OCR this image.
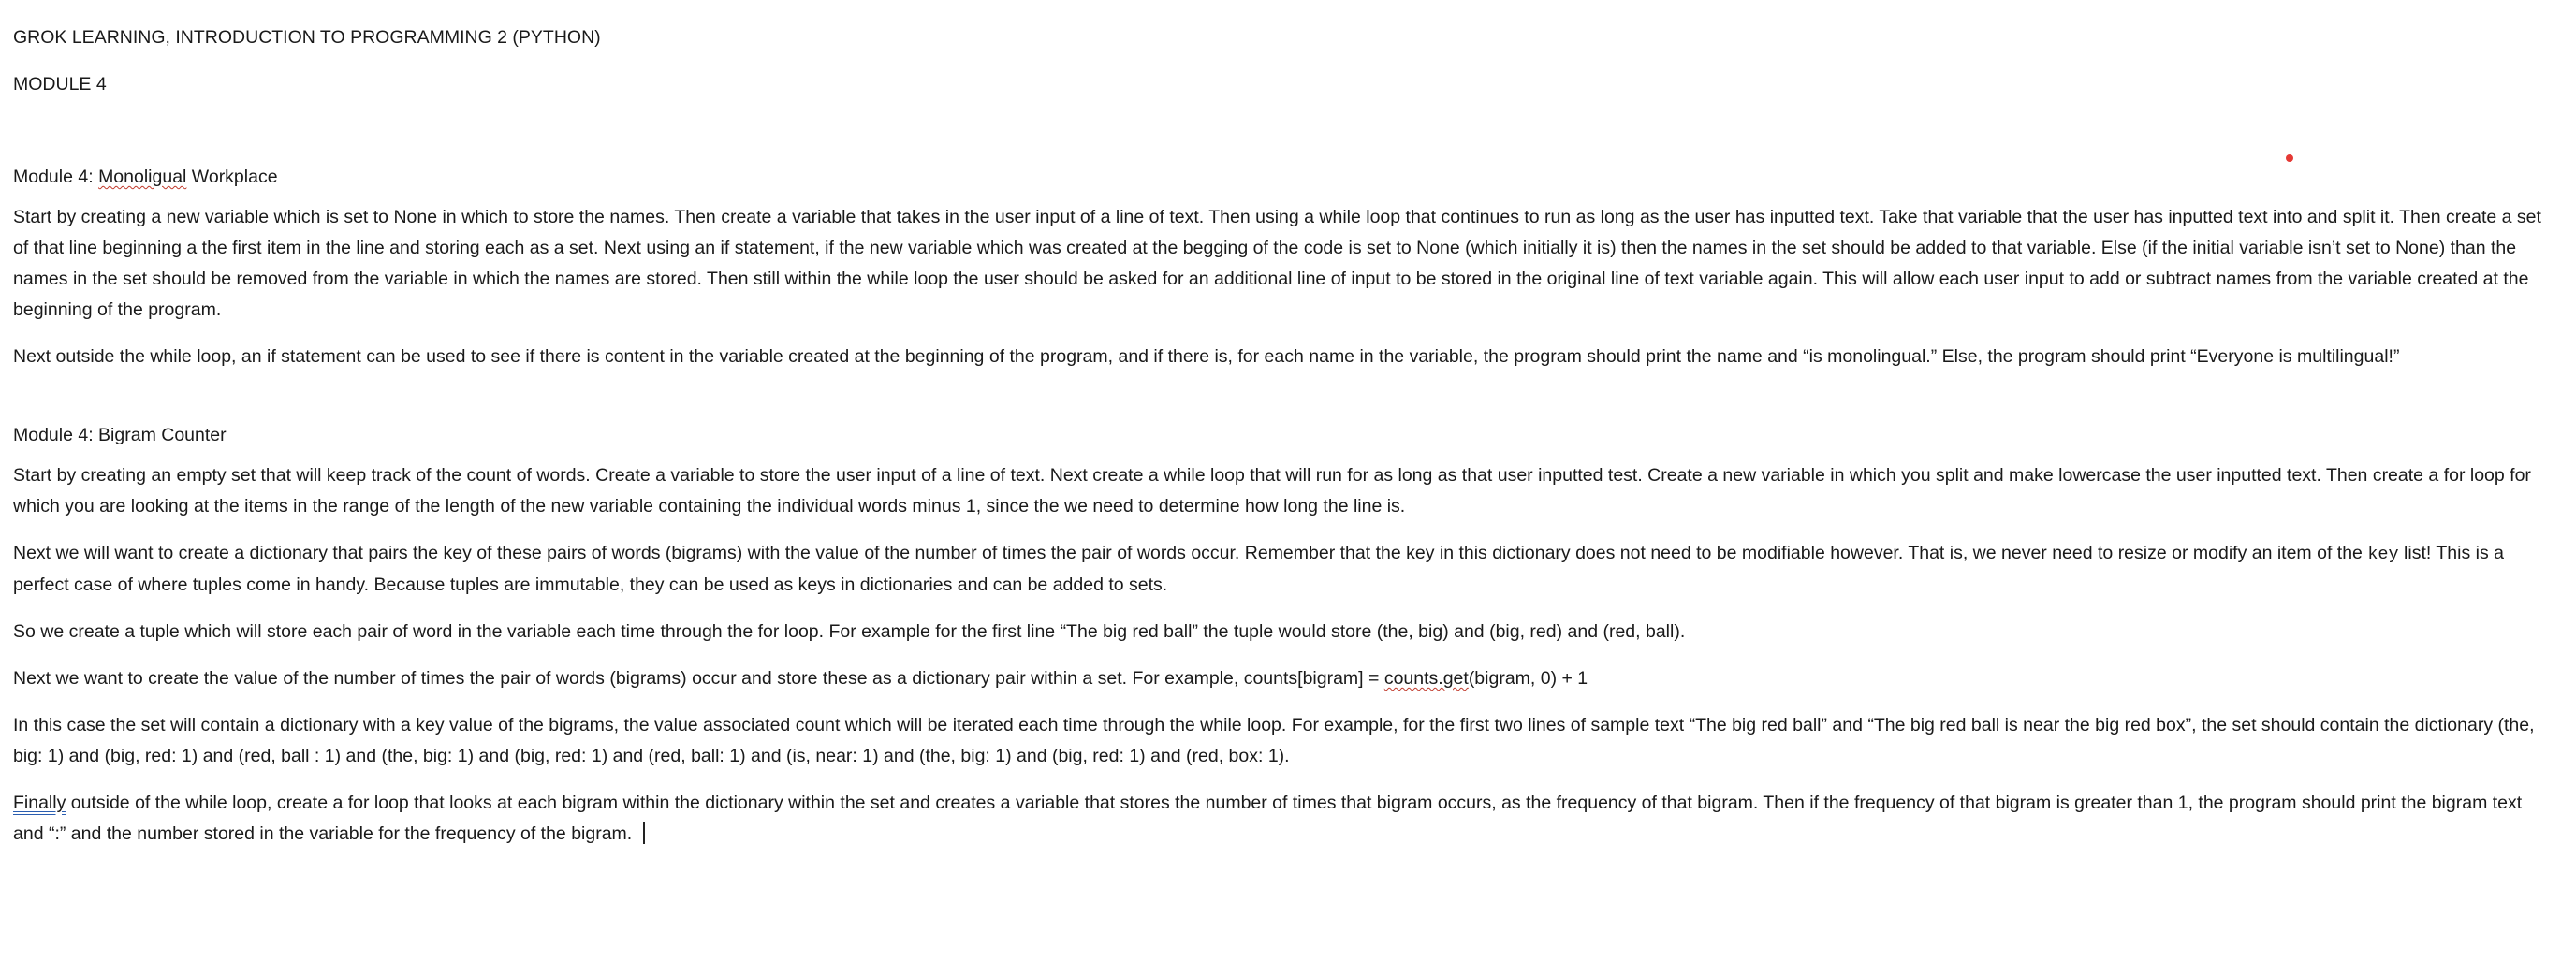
GROK LEARNING, INTRODUCTION TO PROGRAMMING 2 (PYTHON)

MODULE 4

Module 4: Monoligual Workplace

Start by creating a new variable which is set to None in which to store the names. Then create a variable that takes in the user input of a line of text. Then using a while loop that continues to run as long as the user has inputted text. Take that variable that the user has inputted text into and split it. Then create a set of that line beginning a the first item in the line and storing each as a set. Next using an if statement, if the new variable which was created at the begging of the code is set to None (which initially it is) then the names in the set should be added to that variable. Else (if the initial variable isn’t set to None) than the names in the set should be removed from the variable in which the names are stored. Then still within the while loop the user should be asked for an additional line of input to be stored in the original line of text variable again. This will allow each user input to add or subtract names from the variable created at the beginning of the program.

Next outside the while loop, an if statement can be used to see if there is content in the variable created at the beginning of the program, and if there is, for each name in the variable, the program should print the name and “is monolingual.” Else, the program should print “Everyone is multilingual!”

Module 4: Bigram Counter

Start by creating an empty set that will keep track of the count of words. Create a variable to store the user input of a line of text. Next create a while loop that will run for as long as that user inputted test. Create a new variable in which you split and make lowercase the user inputted text. Then create a for loop for which you are looking at the items in the range of the length of the new variable containing the individual words minus 1, since the we need to determine how long the line is.

Next we will want to create a dictionary that pairs the key of these pairs of words (bigrams) with the value of the number of times the pair of words occur. Remember that the key in this dictionary does not need to be modifiable however. That is, we never need to resize or modify an item of the key list! This is a perfect case of where tuples come in handy. Because tuples are immutable, they can be used as keys in dictionaries and can be added to sets.

So we create a tuple which will store each pair of word in the variable each time through the for loop. For example for the first line “The big red ball” the tuple would store (the, big) and (big, red) and (red, ball).

Next we want to create the value of the number of times the pair of words (bigrams) occur and store these as a dictionary pair within a set. For example, counts[bigram] = counts.get(bigram, 0) + 1

In this case the set will contain a dictionary with a key value of the bigrams, the value associated count which will be iterated each time through the while loop. For example, for the first two lines of sample text “The big red ball” and “The big red ball is near the big red box”, the set should contain the dictionary (the, big: 1) and (big, red: 1) and (red, ball : 1) and (the, big: 1) and (big, red: 1) and (red, ball: 1) and (is, near: 1) and (the, big: 1) and (big, red: 1) and (red, box: 1).

Finally outside of the while loop, create a for loop that looks at each bigram within the dictionary within the set and creates a variable that stores the number of times that bigram occurs, as the frequency of that bigram. Then if the frequency of that bigram is greater than 1, the program should print the bigram text and “:” and the number stored in the variable for the frequency of the bigram.
